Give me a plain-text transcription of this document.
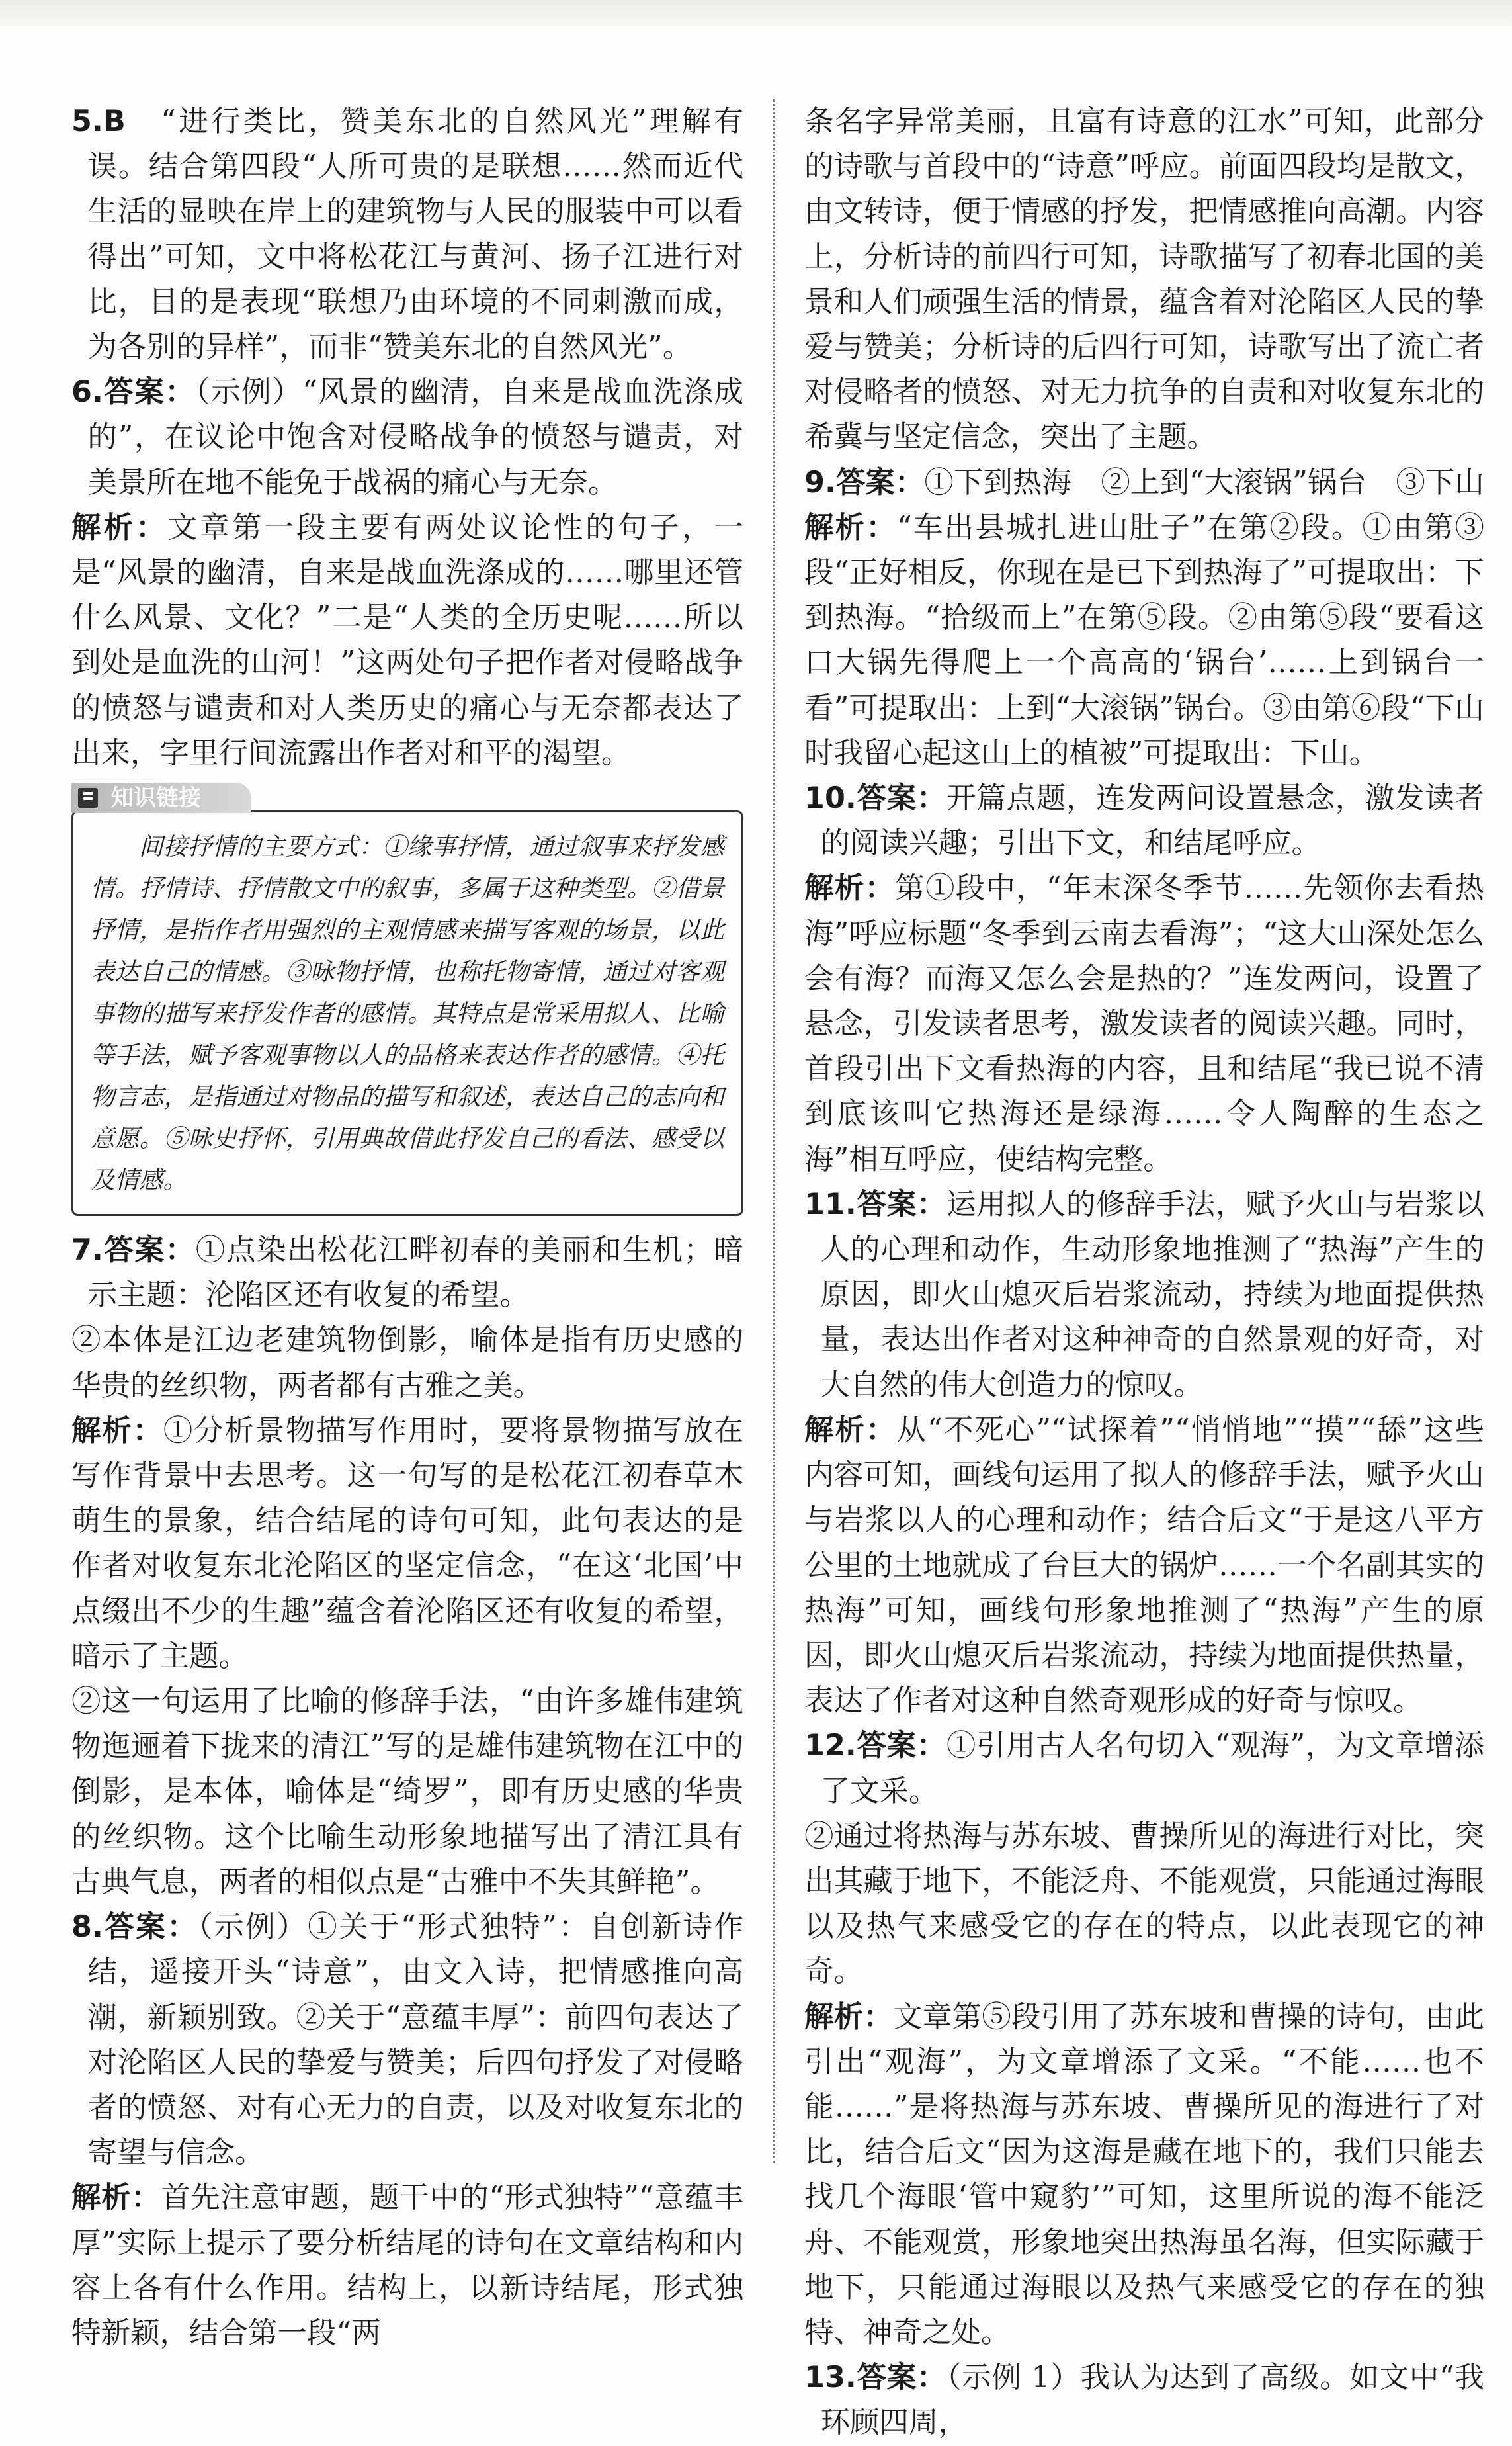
5.B　 “进行类比，赞美东北的自然风光”理解有误。结合第四段“人所可贵的是联想……然而近代生活的显映在岸上的建筑物与人民的服装中可以看得出”可知，文中将松花江与黄河、扬子江进行对比，目的是表现“联想乃由环境的不同刺激而成，为各别的异样”，而非“赞美东北的自然风光”。

6.答案：（示例）“风景的幽清，自来是战血洗涤成的”，在议论中饱含对侵略战争的愤怒与谴责，对美景所在地不能免于战祸的痛心与无奈。

解析：文章第一段主要有两处议论性的句子，一是“风景的幽清，自来是战血洗涤成的……哪里还管什么风景、文化？”二是“人类的全历史呢……所以到处是血洗的山河！”这两处句子把作者对侵略战争的愤怒与谴责和对人类历史的痛心与无奈都表达了出来，字里行间流露出作者对和平的渴望。

知识链接

间接抒情的主要方式：①缘事抒情，通过叙事来抒发感情。抒情诗、抒情散文中的叙事，多属于这种类型。②借景抒情，是指作者用强烈的主观情感来描写客观的场景，以此表达自己的情感。③咏物抒情，也称托物寄情，通过对客观事物的描写来抒发作者的感情。其特点是常采用拟人、比喻等手法，赋予客观事物以人的品格来表达作者的感情。④托物言志，是指通过对物品的描写和叙述，表达自己的志向和意愿。⑤咏史抒怀，引用典故借此抒发自己的看法、感受以及情感。

7.答案：①点染出松花江畔初春的美丽和生机；暗示主题：沦陷区还有收复的希望。

②本体是江边老建筑物倒影，喻体是指有历史感的华贵的丝织物，两者都有古雅之美。

解析：①分析景物描写作用时，要将景物描写放在写作背景中去思考。这一句写的是松花江初春草木萌生的景象，结合结尾的诗句可知，此句表达的是作者对收复东北沦陷区的坚定信念，“在这‘北国’中点缀出不少的生趣”蕴含着沦陷区还有收复的希望，暗示了主题。

②这一句运用了比喻的修辞手法，“由许多雄伟建筑物迤逦着下拢来的清江”写的是雄伟建筑物在江中的倒影，是本体，喻体是“绮罗”，即有历史感的华贵的丝织物。这个比喻生动形象地描写出了清江具有古典气息，两者的相似点是“古雅中不失其鲜艳”。

8.答案：（示例）①关于“形式独特”：自创新诗作结，遥接开头“诗意”，由文入诗，把情感推向高潮，新颖别致。②关于“意蕴丰厚”：前四句表达了对沦陷区人民的挚爱与赞美；后四句抒发了对侵略者的愤怒、对有心无力的自责，以及对收复东北的寄望与信念。

解析：首先注意审题，题干中的“形式独特”“意蕴丰厚”实际上提示了要分析结尾的诗句在文章结构和内容上各有什么作用。结构上，以新诗结尾，形式独特新颖，结合第一段“两

条名字异常美丽，且富有诗意的江水”可知，此部分的诗歌与首段中的“诗意”呼应。前面四段均是散文，由文转诗，便于情感的抒发，把情感推向高潮。内容上，分析诗的前四行可知，诗歌描写了初春北国的美景和人们顽强生活的情景，蕴含着对沦陷区人民的挚爱与赞美；分析诗的后四行可知，诗歌写出了流亡者对侵略者的愤怒、对无力抗争的自责和对收复东北的希冀与坚定信念，突出了主题。

9.答案：①下到热海　②上到“大滚锅”锅台　③下山

解析：“车出县城扎进山肚子”在第②段。①由第③段“正好相反，你现在是已下到热海了”可提取出：下到热海。“拾级而上”在第⑤段。②由第⑤段“要看这口大锅先得爬上一个高高的‘锅台’……上到锅台一看”可提取出：上到“大滚锅”锅台。③由第⑥段“下山时我留心起这山上的植被”可提取出：下山。

10.答案：开篇点题，连发两问设置悬念，激发读者的阅读兴趣；引出下文，和结尾呼应。

解析：第①段中，“年末深冬季节……先领你去看热海”呼应标题“冬季到云南去看海”；“这大山深处怎么会有海？而海又怎么会是热的？”连发两问，设置了悬念，引发读者思考，激发读者的阅读兴趣。同时，首段引出下文看热海的内容，且和结尾“我已说不清到底该叫它热海还是绿海……令人陶醉的生态之海”相互呼应，使结构完整。

11.答案：运用拟人的修辞手法，赋予火山与岩浆以人的心理和动作，生动形象地推测了“热海”产生的原因，即火山熄灭后岩浆流动，持续为地面提供热量，表达出作者对这种神奇的自然景观的好奇，对大自然的伟大创造力的惊叹。

解析：从“不死心”“试探着”“悄悄地”“摸”“舔”这些内容可知，画线句运用了拟人的修辞手法，赋予火山与岩浆以人的心理和动作；结合后文“于是这八平方公里的土地就成了台巨大的锅炉……一个名副其实的热海”可知，画线句形象地推测了“热海”产生的原因，即火山熄灭后岩浆流动，持续为地面提供热量，表达了作者对这种自然奇观形成的好奇与惊叹。

12.答案：①引用古人名句切入“观海”，为文章增添了文采。

②通过将热海与苏东坡、曹操所见的海进行对比，突出其藏于地下，不能泛舟、不能观赏，只能通过海眼以及热气来感受它的存在的特点，以此表现它的神奇。

解析：文章第⑤段引用了苏东坡和曹操的诗句，由此引出“观海”，为文章增添了文采。“不能……也不能……”是将热海与苏东坡、曹操所见的海进行了对比，结合后文“因为这海是藏在地下的，我们只能去找几个海眼‘管中窥豹’”可知，这里所说的海不能泛舟、不能观赏，形象地突出热海虽名海，但实际藏于地下，只能通过海眼以及热气来感受它的存在的独特、神奇之处。

13.答案：（示例 1）我认为达到了高级。如文中“我环顾四周，
